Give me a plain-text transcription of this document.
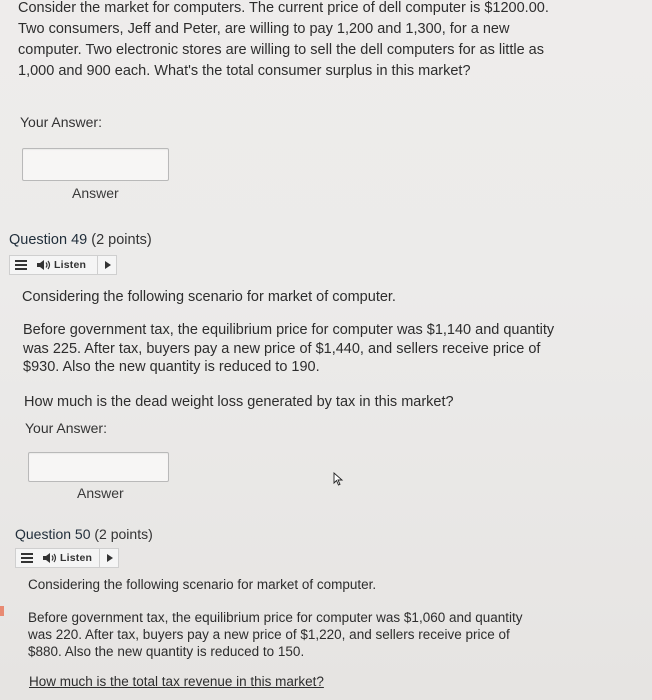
Consider the market for computers. The current price of dell computer is $1200.00.
Two consumers, Jeff and Peter, are willing to pay 1,200 and 1,300, for a new
computer. Two electronic stores are willing to sell the dell computers for as little as
1,000 and 900 each. What's the total consumer surplus in this market?
Your Answer:
Answer
Question 49 (2 points)
Listen
Considering the following scenario for market of computer.
Before government tax, the equilibrium price for computer was $1,140 and quantity
was 225. After tax, buyers pay a new price of $1,440, and sellers receive price of
$930. Also the new quantity is reduced to 190.
How much is the dead weight loss generated by tax in this market?
Your Answer:
Answer
Question 50 (2 points)
Listen
Considering the following scenario for market of computer.
Before government tax, the equilibrium price for computer was $1,060 and quantity
was 220. After tax, buyers pay a new price of $1,220, and sellers receive price of
$880. Also the new quantity is reduced to 150.
How much is the total tax revenue in this market?
